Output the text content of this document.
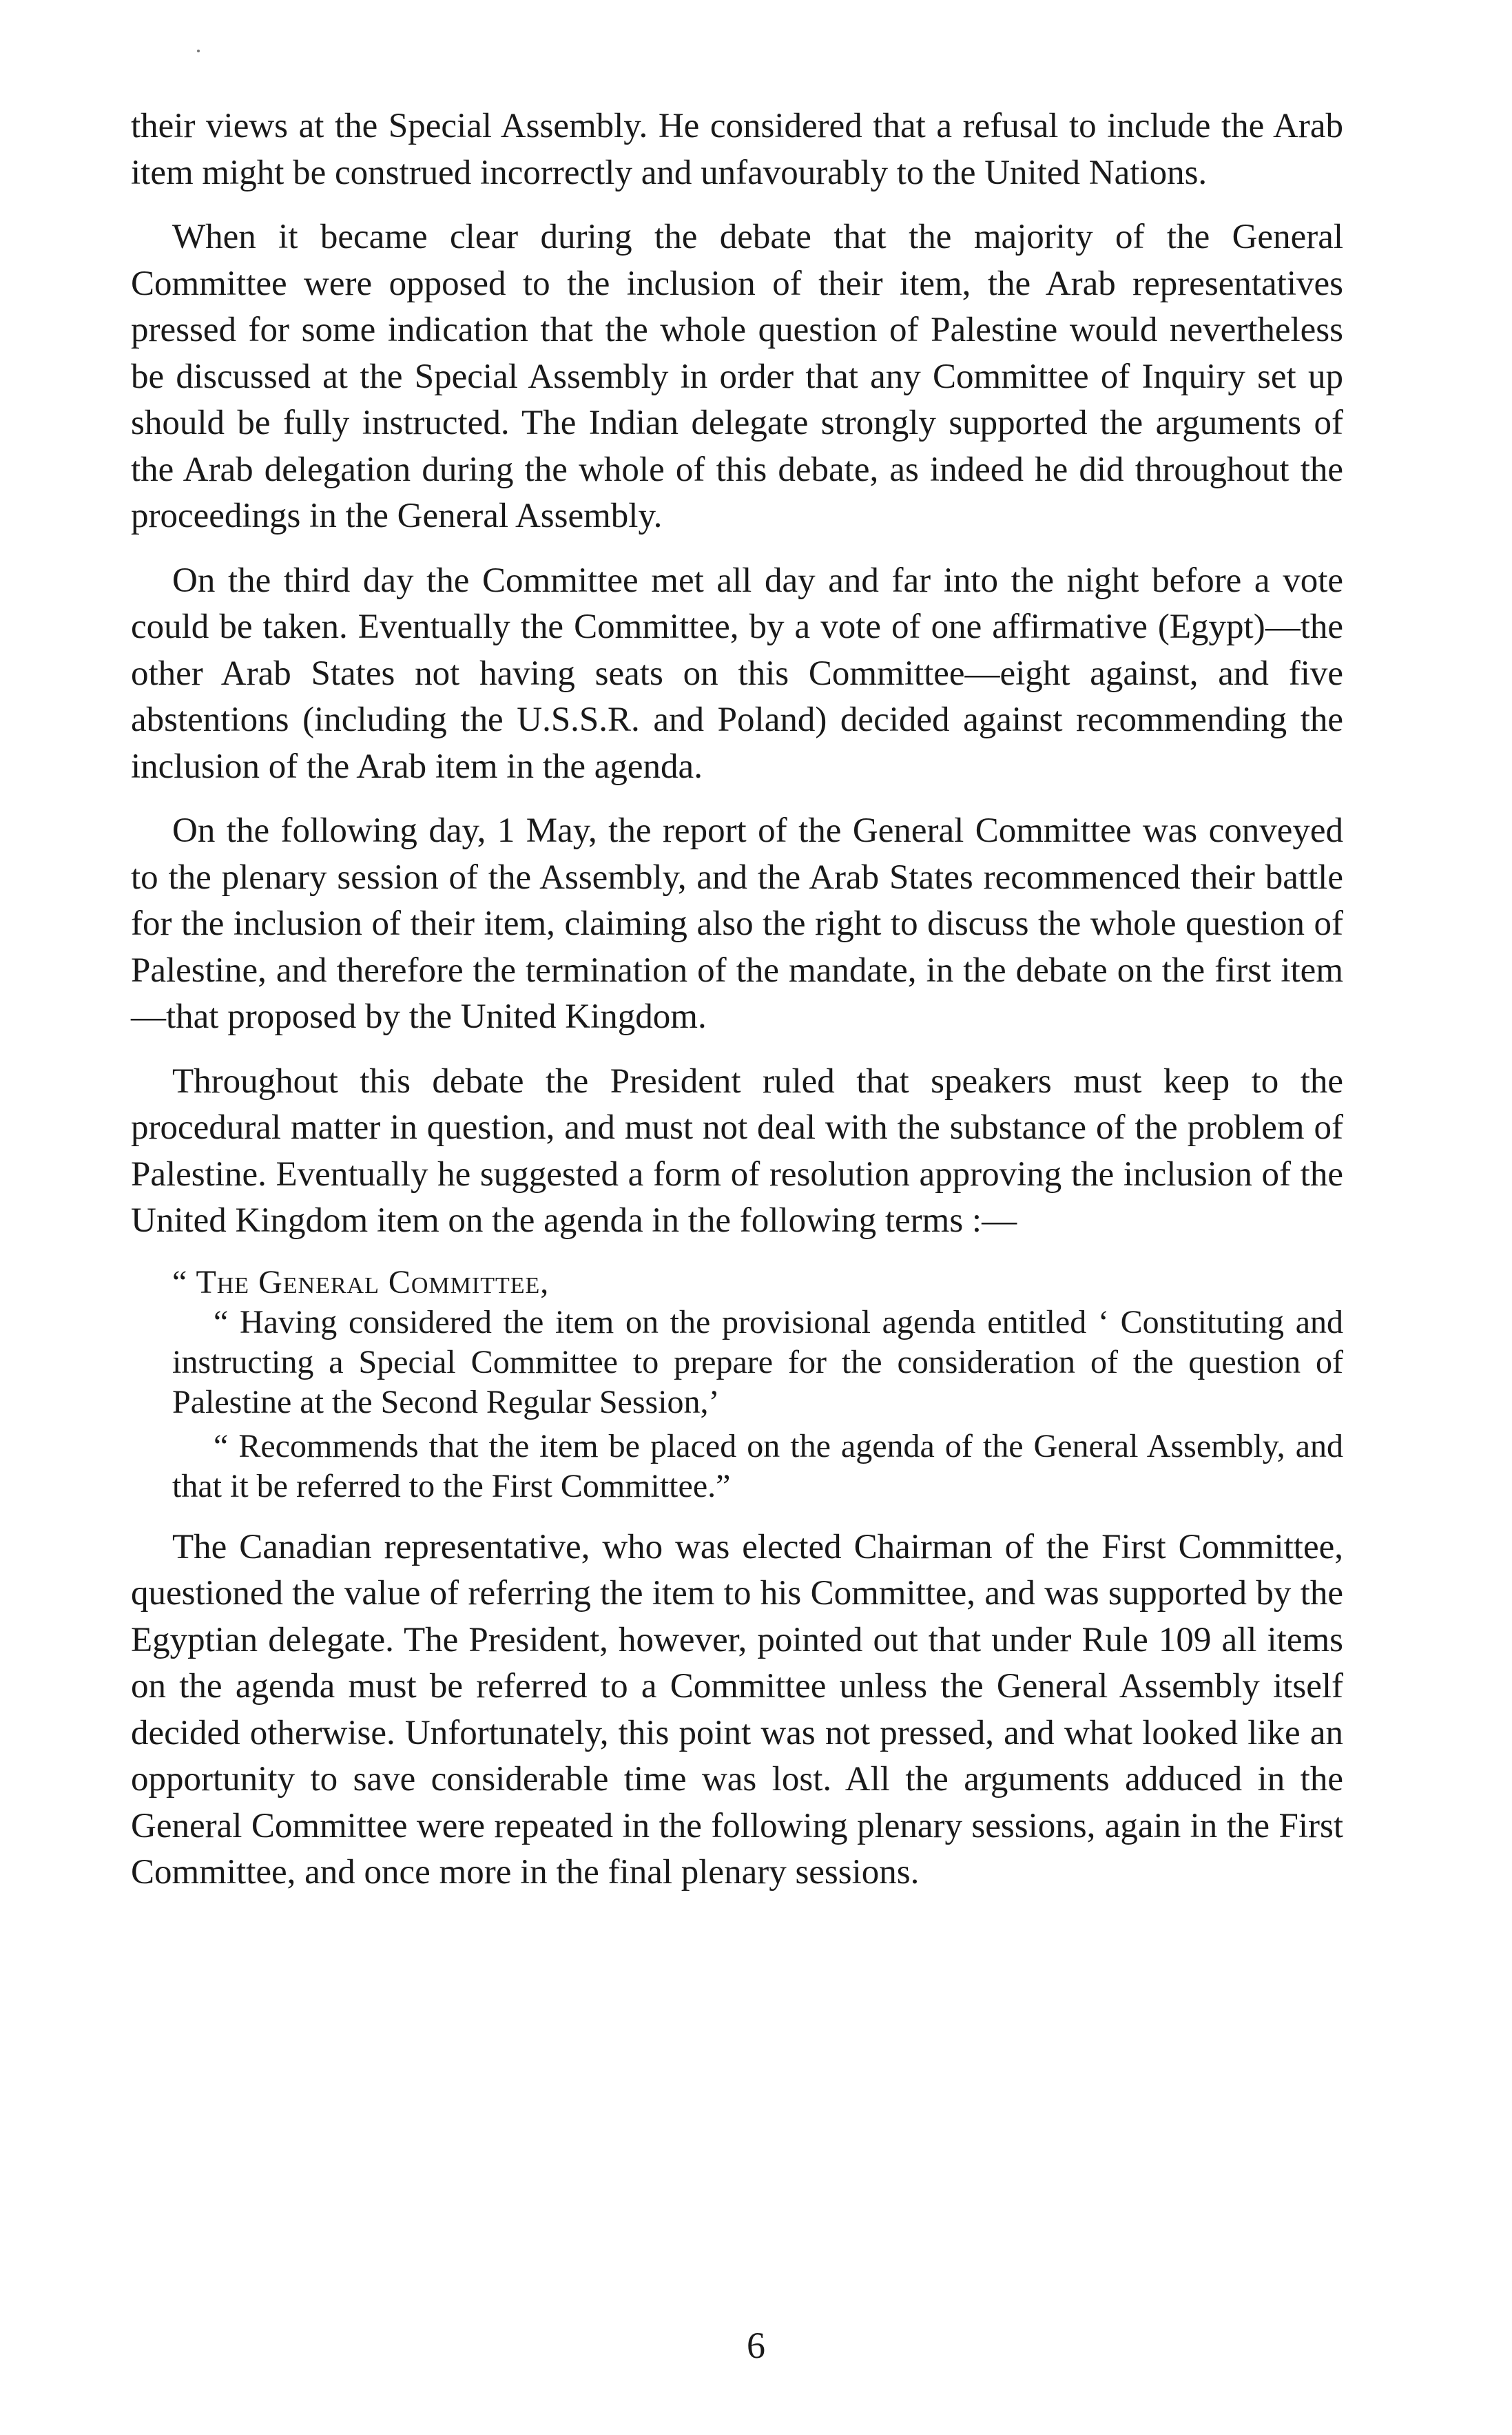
their views at the Special Assembly. He considered that a refusal to include the Arab item might be construed incorrectly and unfavourably to the United Nations.

When it became clear during the debate that the majority of the General Committee were opposed to the inclusion of their item, the Arab representatives pressed for some indication that the whole question of Palestine would nevertheless be discussed at the Special Assembly in order that any Committee of Inquiry set up should be fully instructed. The Indian delegate strongly supported the arguments of the Arab delegation during the whole of this debate, as indeed he did throughout the proceedings in the General Assembly.

On the third day the Committee met all day and far into the night before a vote could be taken. Eventually the Committee, by a vote of one affirmative (Egypt)—the other Arab States not having seats on this Committee—eight against, and five abstentions (including the U.S.S.R. and Poland) decided against recommending the inclusion of the Arab item in the agenda.

On the following day, 1 May, the report of the General Committee was conveyed to the plenary session of the Assembly, and the Arab States recommenced their battle for the inclusion of their item, claiming also the right to discuss the whole question of Palestine, and therefore the termination of the mandate, in the debate on the first item—that proposed by the United Kingdom.

Throughout this debate the President ruled that speakers must keep to the procedural matter in question, and must not deal with the substance of the problem of Palestine. Eventually he suggested a form of resolution approving the inclusion of the United Kingdom item on the agenda in the following terms :—

“ The General Committee,

“ Having considered the item on the provisional agenda entitled ‘ Constituting and instructing a Special Committee to prepare for the consideration of the question of Palestine at the Second Regular Session,’

“ Recommends that the item be placed on the agenda of the General Assembly, and that it be referred to the First Committee.”

The Canadian representative, who was elected Chairman of the First Committee, questioned the value of referring the item to his Committee, and was supported by the Egyptian delegate. The President, however, pointed out that under Rule 109 all items on the agenda must be referred to a Committee unless the General Assembly itself decided otherwise. Unfortunately, this point was not pressed, and what looked like an opportunity to save considerable time was lost. All the arguments adduced in the General Committee were repeated in the following plenary sessions, again in the First Committee, and once more in the final plenary sessions.

6
